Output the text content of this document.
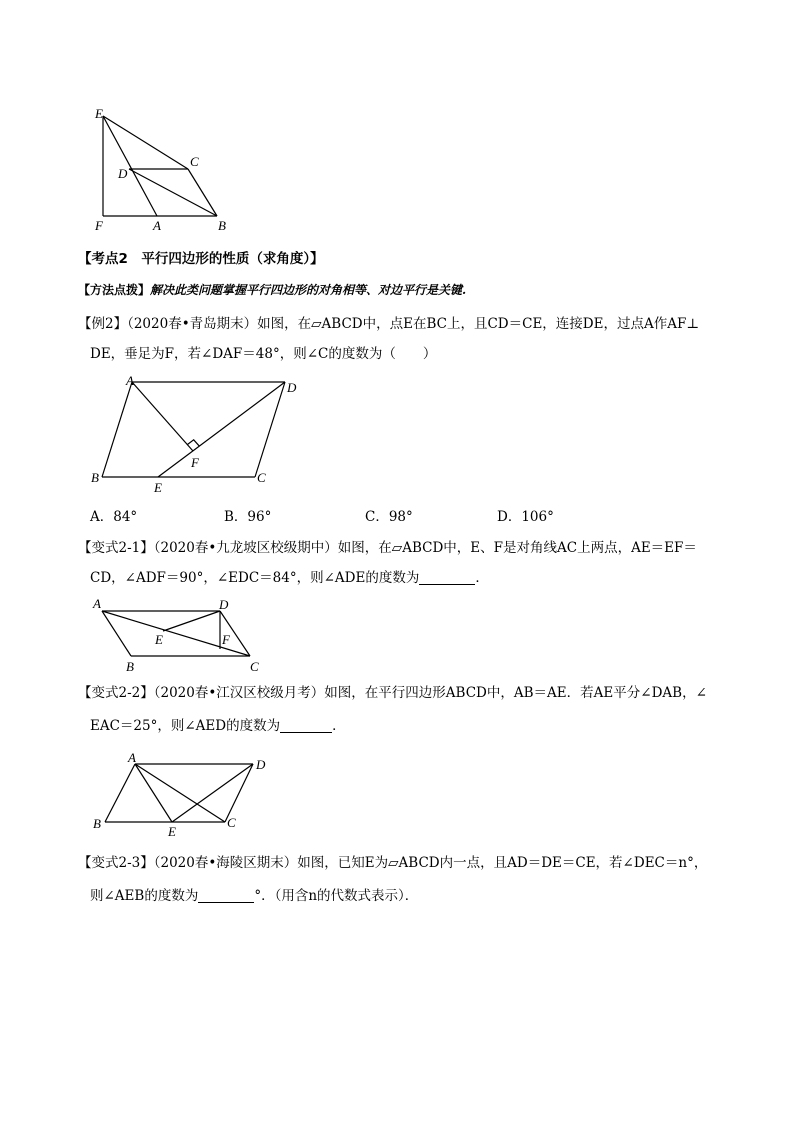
E
C
D
F	A	B
【考点2　平行四边形的性质（求角度）】
【方法点拨】解决此类问题掌握平行四边形的对角相等、对边平行是关键.
【例2】（2020春•青岛期末）如图，在▱ABCD中，点E在BC上，且CD＝CE，连接DE，过点A作AF⊥
DE，垂足为F，若∠DAF＝48°，则∠C的度数为（　　）
A	D
F
B
E
C
A．84°	B．96°	C．98°	D．106°
【变式2-1】（2020春•九龙坡区校级期中）如图，在▱ABCD中，E、F是对角线AC上两点，AE＝EF＝
CD，∠ADF＝90°，∠EDC＝84°，则∠ADE的度数为	．
A	D
E	F
B	C
【变式2-2】（2020春•江汉区校级月考）如图，在平行四边形ABCD中，AB＝AE．若AE平分∠DAB，∠
EAC＝25°，则∠AED的度数为	．
A	D
B
E
C
【变式2-3】（2020春•海陵区期末）如图，已知E为▱ABCD内一点，且AD＝DE＝CE，若∠DEC＝n°，
则∠AEB的度数为	°．（用含n的代数式表示）．
